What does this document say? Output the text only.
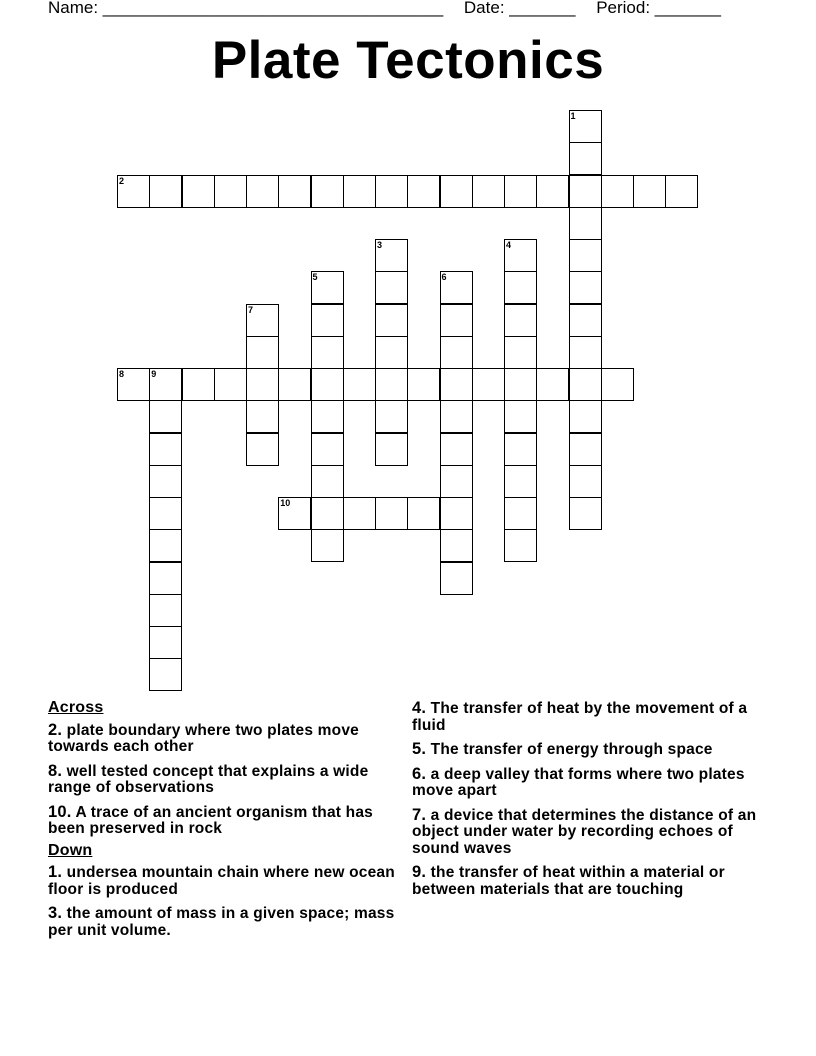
Name: ____________________________________ Date: _______ Period: _______
Plate Tectonics
1
2
3	4
5	6
7
8	9
10
Across
2. plate boundary where two plates move towards each other
8. well tested concept that explains a wide range of observations
10. A trace of an ancient organism that has been preserved in rock
Down
1. undersea mountain chain where new ocean floor is produced
3. the amount of mass in a given space; mass per unit volume.
4. The transfer of heat by the movement of a fluid
5. The transfer of energy through space
6. a deep valley that forms where two plates move apart
7. a device that determines the distance of an object under water by recording echoes of sound waves
9. the transfer of heat within a material or between materials that are touching
